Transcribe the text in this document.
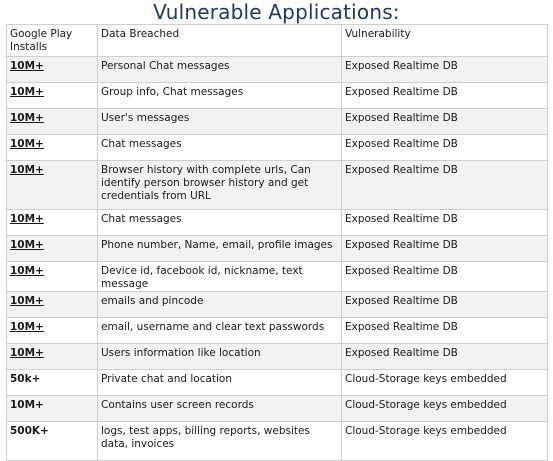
Vulnerable Applications:
Google Play Installs	Data Breached	Vulnerability
10M+	Personal Chat messages	Exposed Realtime DB
10M+	Group info, Chat messages	Exposed Realtime DB
10M+	User's messages	Exposed Realtime DB
10M+	Chat messages	Exposed Realtime DB
10M+	Browser history with complete urls, Can identify person browser history and get credentials from URL	Exposed Realtime DB
10M+	Chat messages	Exposed Realtime DB
10M+	Phone number, Name, email, profile images	Exposed Realtime DB
10M+	Device id, facebook id, nickname, text message	Exposed Realtime DB
10M+	emails and pincode	Exposed Realtime DB
10M+	email, username and clear text passwords	Exposed Realtime DB
10M+	Users information like location	Exposed Realtime DB
50k+	Private chat and location	Cloud-Storage keys embedded
10M+	Contains user screen records	Cloud-Storage keys embedded
500K+	logs, test apps, billing reports, websites data, invoices	Cloud-Storage keys embedded
